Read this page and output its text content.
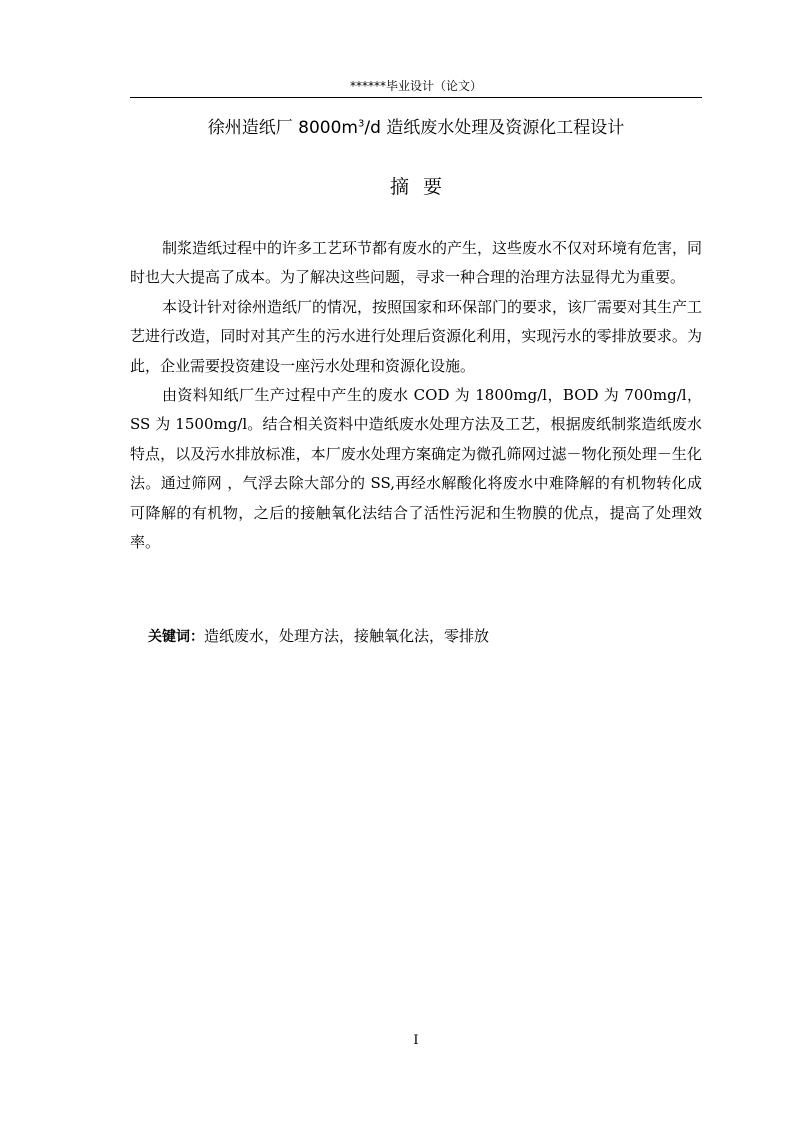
******毕业设计（论文）
徐州造纸厂 $8000m^3/d$ 造纸废水处理及资源化工程设计
摘要

制浆造纸过程中的许多工艺环节都有废水的产生，这些废水不仅对环境有危害，同时也大大提高了成本。为了解决这些问题，寻求一种合理的治理方法显得尤为重要。

本设计针对徐州造纸厂的情况，按照国家和环保部门的要求，该厂需要对其生产工艺进行改造，同时对其产生的污水进行处理后资源化利用，实现污水的零排放要求。为此，企业需要投资建设一座污水处理和资源化设施。

由资料知纸厂生产过程中产生的废水 COD 为 1800mg/l，BOD 为 700mg/l，SS 为 1500mg/l。结合相关资料中造纸废水处理方法及工艺，根据废纸制浆造纸废水特点，以及污水排放标准，本厂废水处理方案确定为微孔筛网过滤－物化预处理－生化法。通过筛网 ，气浮去除大部分的 SS,再经水解酸化将废水中难降解的有机物转化成可降解的有机物，之后的接触氧化法结合了活性污泥和生物膜的优点，提高了处理效率。

关键词：造纸废水，处理方法，接触氧化法，零排放
I
